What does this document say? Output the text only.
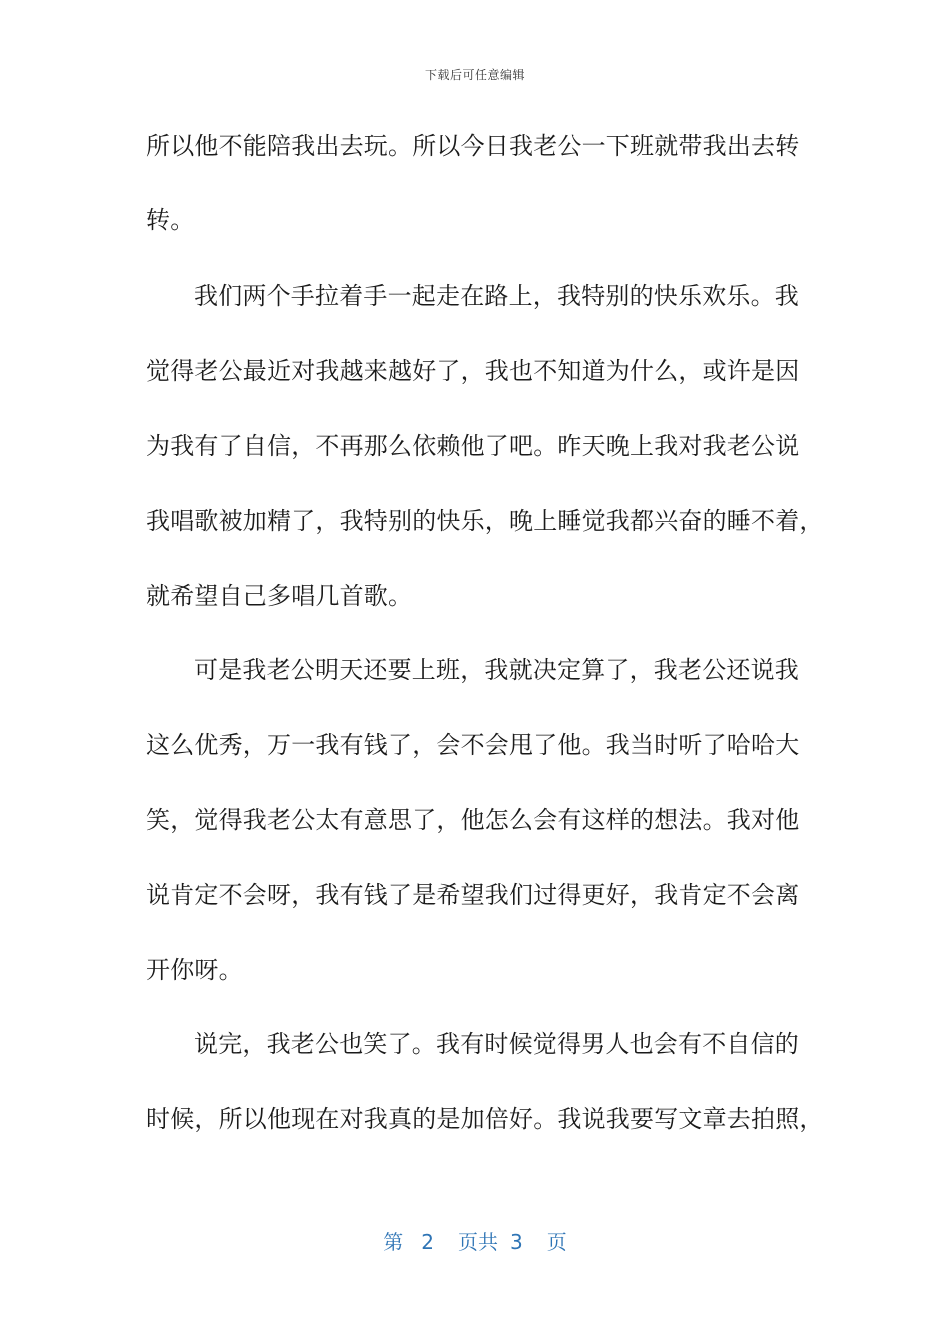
下载后可任意编辑
所以他不能陪我出去玩。所以今日我老公一下班就带我出去转
转。
我们两个手拉着手一起走在路上，我特别的快乐欢乐。我
觉得老公最近对我越来越好了，我也不知道为什么，或许是因
为我有了自信，不再那么依赖他了吧。昨天晚上我对我老公说
我唱歌被加精了，我特别的快乐，晚上睡觉我都兴奋的睡不着，
就希望自己多唱几首歌。
可是我老公明天还要上班，我就决定算了，我老公还说我
这么优秀，万一我有钱了，会不会甩了他。我当时听了哈哈大
笑，觉得我老公太有意思了，他怎么会有这样的想法。我对他
说肯定不会呀，我有钱了是希望我们过得更好，我肯定不会离
开你呀。
说完，我老公也笑了。我有时候觉得男人也会有不自信的
时候，所以他现在对我真的是加倍好。我说我要写文章去拍照，
第 2 页共 3 页
